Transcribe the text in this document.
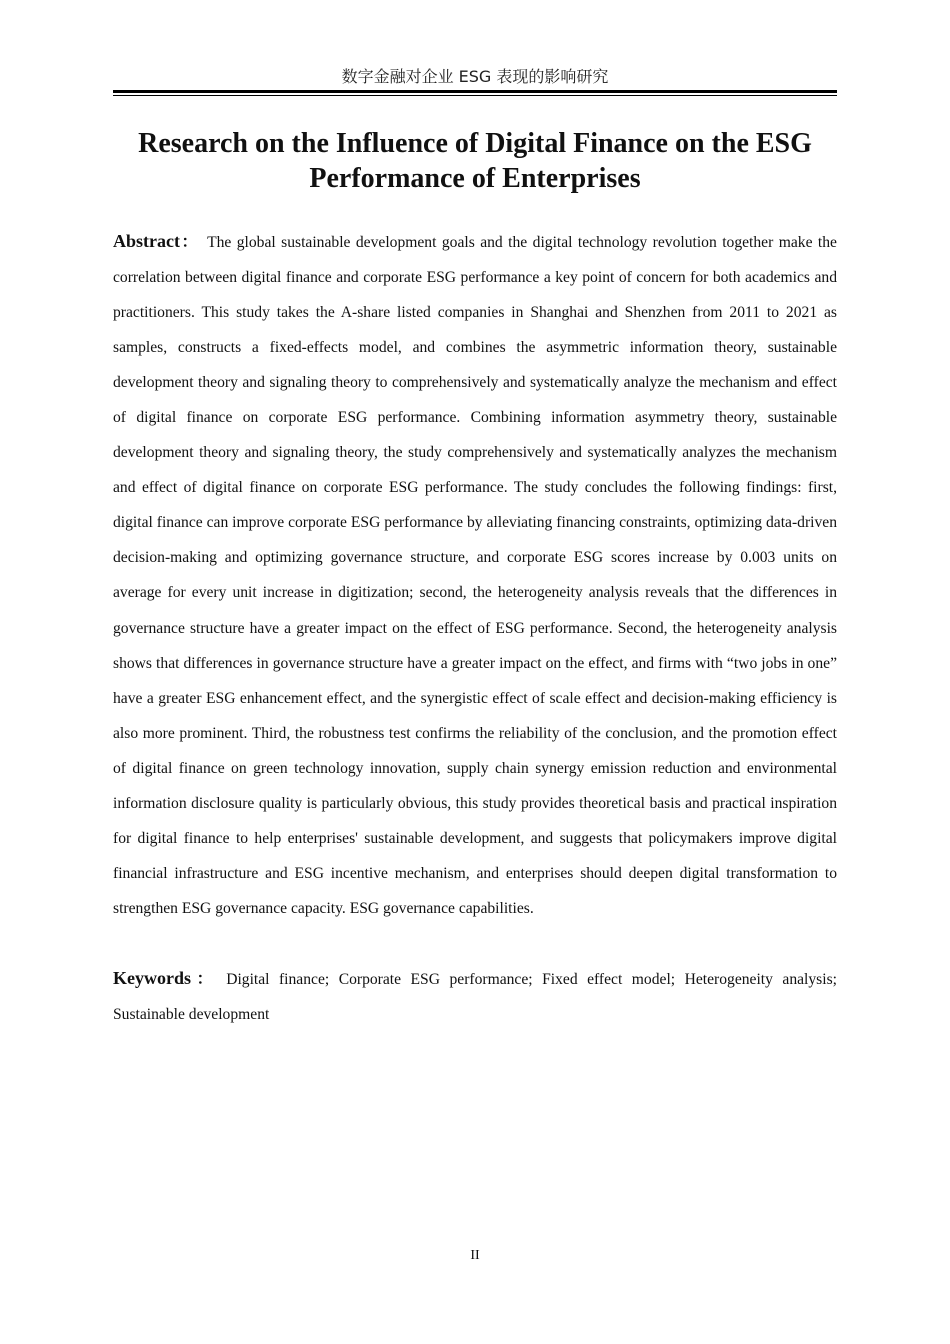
数字金融对企业 ESG 表现的影响研究
Research on the Influence of Digital Finance on the ESG
Performance of Enterprises

Abstract： The global sustainable development goals and the digital technology revolution together make the correlation between digital finance and corporate ESG performance a key point of concern for both academics and practitioners. This study takes the A-share listed companies in Shanghai and Shenzhen from 2011 to 2021 as samples, constructs a fixed-effects model, and combines the asymmetric information theory, sustainable development theory and signaling theory to comprehensively and systematically analyze the mechanism and effect of digital finance on corporate ESG performance. Combining information asymmetry theory, sustainable development theory and signaling theory, the study comprehensively and systematically analyzes the mechanism and effect of digital finance on corporate ESG performance. The study concludes the following findings: first, digital finance can improve corporate ESG performance by alleviating financing constraints, optimizing data-driven decision-making and optimizing governance structure, and corporate ESG scores increase by 0.003 units on average for every unit increase in digitization; second, the heterogeneity analysis reveals that the differences in governance structure have a greater impact on the effect of ESG performance. Second, the heterogeneity analysis shows that differences in governance structure have a greater impact on the effect, and firms with “two jobs in one” have a greater ESG enhancement effect, and the synergistic effect of scale effect and decision-making efficiency is also more prominent. Third, the robustness test confirms the reliability of the conclusion, and the promotion effect of digital finance on green technology innovation, supply chain synergy emission reduction and environmental information disclosure quality is particularly obvious, this study provides theoretical basis and practical inspiration for digital finance to help enterprises' sustainable development, and suggests that policymakers improve digital financial infrastructure and ESG incentive mechanism, and enterprises should deepen digital transformation to strengthen ESG governance capacity. ESG governance capabilities.

Keywords： Digital finance; Corporate ESG performance; Fixed effect model; Heterogeneity analysis; Sustainable development

II
